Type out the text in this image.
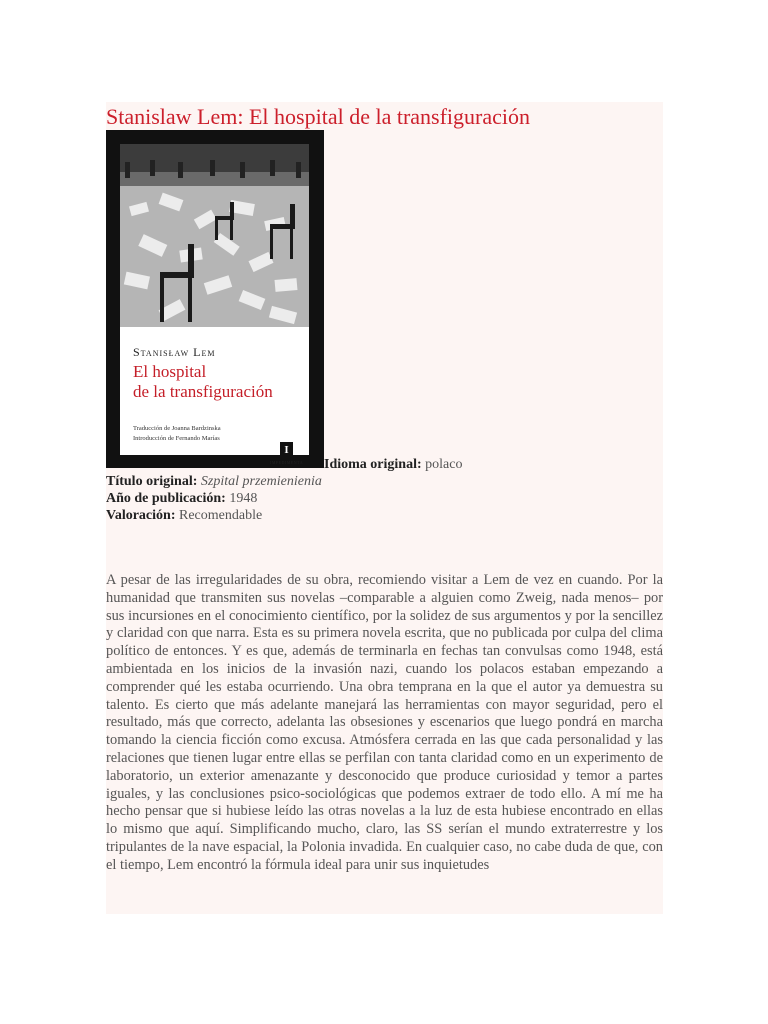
Stanislaw Lem: El hospital de la transfiguración
Stanisław Lem
El hospital
de la transfiguración
Traducción de Joanna Bardzinska
Introducción de Fernando Marías
I
IMPEDIMENTA Idioma original: polaco
Título original: Szpital przemienienia
Año de publicación: 1948
Valoración: Recomendable

A pesar de las irregularidades de su obra, recomiendo visitar a Lem de vez en cuando. Por la humanidad que transmiten sus novelas –comparable a alguien como Zweig, nada menos– por sus incursiones en el conocimiento científico, por la solidez de sus argumentos y por la sencillez y claridad con que narra. Esta es su primera novela escrita, que no publicada por culpa del clima político de entonces. Y es que, además de terminarla en fechas tan convulsas como 1948, está ambientada en los inicios de la invasión nazi, cuando los polacos estaban empezando a comprender qué les estaba ocurriendo. Una obra temprana en la que el autor ya demuestra su talento. Es cierto que más adelante manejará las herramientas con mayor seguridad, pero el resultado, más que correcto, adelanta las obsesiones y escenarios que luego pondrá en marcha tomando la ciencia ficción como excusa. Atmósfera cerrada en las que cada personalidad y las relaciones que tienen lugar entre ellas se perfilan con tanta claridad como en un experimento de laboratorio, un exterior amenazante y desconocido que produce curiosidad y temor a partes iguales, y las conclusiones psico-sociológicas que podemos extraer de todo ello. A mí me ha hecho pensar que si hubiese leído las otras novelas a la luz de esta hubiese encontrado en ellas lo mismo que aquí. Simplificando mucho, claro, las SS serían el mundo extraterrestre y los tripulantes de la nave espacial, la Polonia invadida. En cualquier caso, no cabe duda de que, con el tiempo, Lem encontró la fórmula ideal para unir sus inquietudes
